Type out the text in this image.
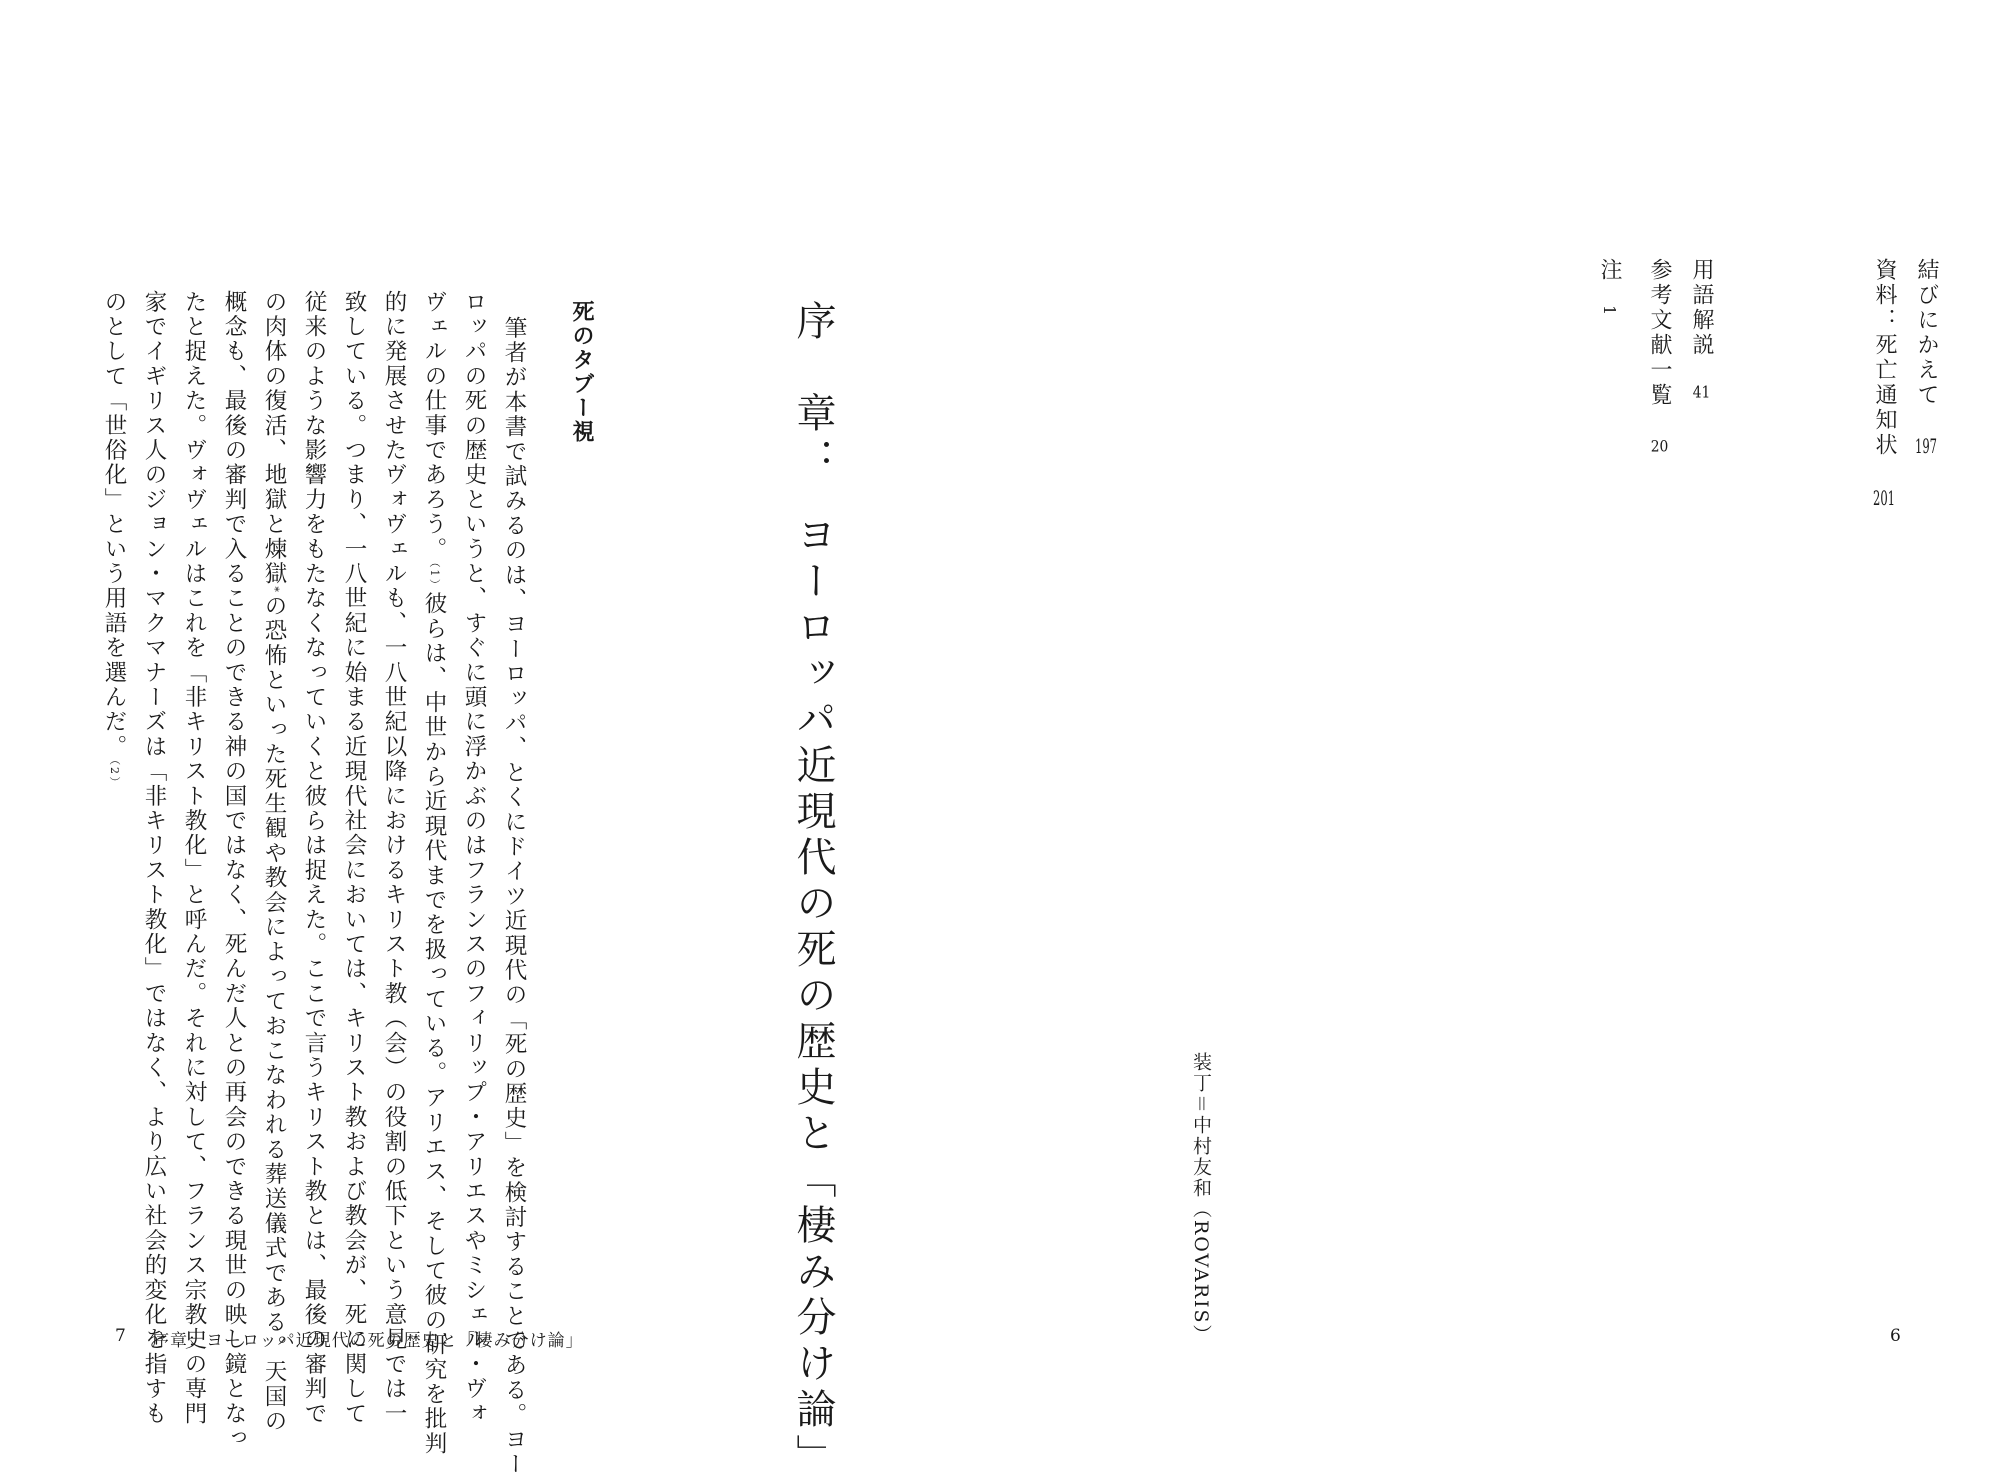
結びにかえて197
資料：死亡通知状201
用語解説41
参考文献一覧20
注1
装丁＝中村友和（ROVARIS）
序　章：ヨーロッパ近現代の死の歴史と「棲み分け論」
死のタブー視
筆者が本書で試みるのは、ヨーロッパ、とくにドイツ近現代の「死の歴史」を検討することである。ヨー
ロッパの死の歴史というと、すぐに頭に浮かぶのはフランスのフィリップ・アリエスやミシェル・ヴォ
ヴェルの仕事であろう。（1）彼らは、中世から近現代までを扱っている。アリエス、そして彼の研究を批判
的に発展させたヴォヴェルも、一八世紀以降におけるキリスト教（会）の役割の低下という意見では一
致している。つまり、一八世紀に始まる近現代社会においては、キリスト教および教会が、死に関して
従来のような影響力をもたなくなっていくと彼らは捉えた。ここで言うキリスト教とは、最後の審判で
の肉体の復活、地獄と煉獄*の恐怖といった死生観や教会によっておこなわれる葬送儀式である。天国の
概念も、最後の審判で入ることのできる神の国ではなく、死んだ人との再会のできる現世の映し鏡となっ
たと捉えた。ヴォヴェルはこれを「非キリスト教化」と呼んだ。それに対して、フランス宗教史の専門
家でイギリス人のジョン・マクマナーズは「非キリスト教化」ではなく、より広い社会的変化を指すも
のとして「世俗化」という用語を選んだ。（2）
7 序章：ヨーロッパ近現代の死の歴史と「棲み分け論」	6
